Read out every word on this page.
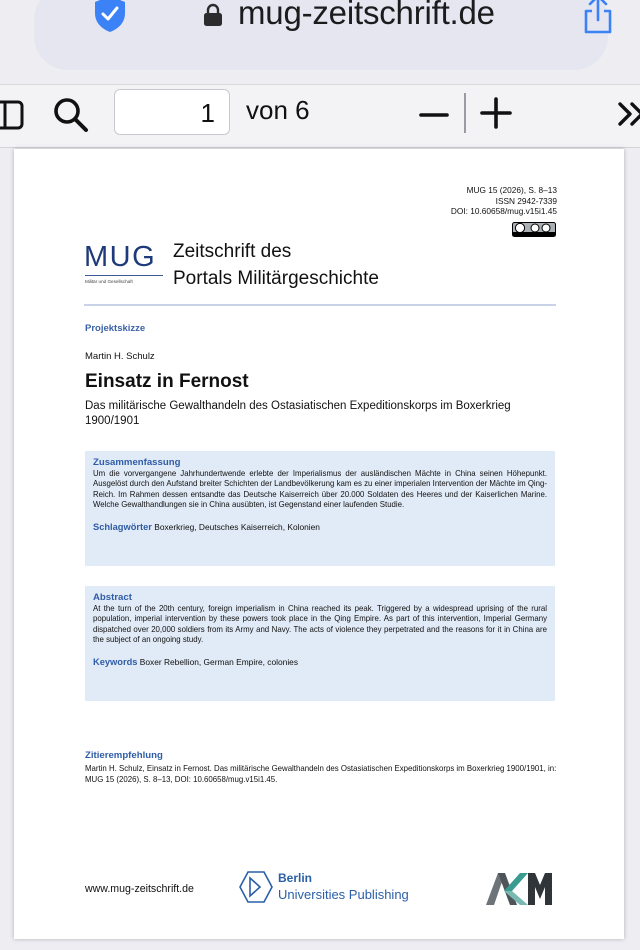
mug-zeitschrift.de
1	von 6
MUG 15 (2026), S. 8–13
ISSN 2942-7339
DOI: 10.60658/mug.v15i1.45
MUG
Militär und Gesellschaft
Zeitschrift des
Portals Militärgeschichte
Projektskizze
Martin H. Schulz
Einsatz in Fernost
Das militärische Gewalthandeln des Ostasiatischen Expeditionskorps im Boxerkrieg 1900/1901
Zusammenfassung

Um die vorvergangene Jahrhundertwende erlebte der Imperialismus der ausländischen Mächte in China seinen Höhepunkt. Ausgelöst durch den Aufstand breiter Schichten der Landbevölkerung kam es zu einer imperialen Intervention der Mächte im Qing-Reich. Im Rahmen dessen entsandte das Deutsche Kaiserreich über 20.000 Soldaten des Heeres und der Kaiserlichen Marine. Welche Gewalthandlungen sie in China ausübten, ist Gegenstand einer laufenden Studie.

Schlagwörter Boxerkrieg, Deutsches Kaiserreich, Kolonien
Abstract

At the turn of the 20th century, foreign imperialism in China reached its peak. Triggered by a widespread uprising of the rural population, imperial intervention by these powers took place in the Qing Empire. As part of this intervention, Imperial Germany dispatched over 20,000 soldiers from its Army and Navy. The acts of violence they perpetrated and the reasons for it in China are the subject of an ongoing study.

Keywords Boxer Rebellion, German Empire, colonies
Zitierempfehlung
Martin H. Schulz, Einsatz in Fernost. Das militärische Gewalthandeln des Ostasiatischen Expeditionskorps im Boxerkrieg 1900/1901, in: MUG 15 (2026), S. 8–13, DOI: 10.60658/mug.v15i1.45.
www.mug-zeitschrift.de
Berlin
Universities Publishing
